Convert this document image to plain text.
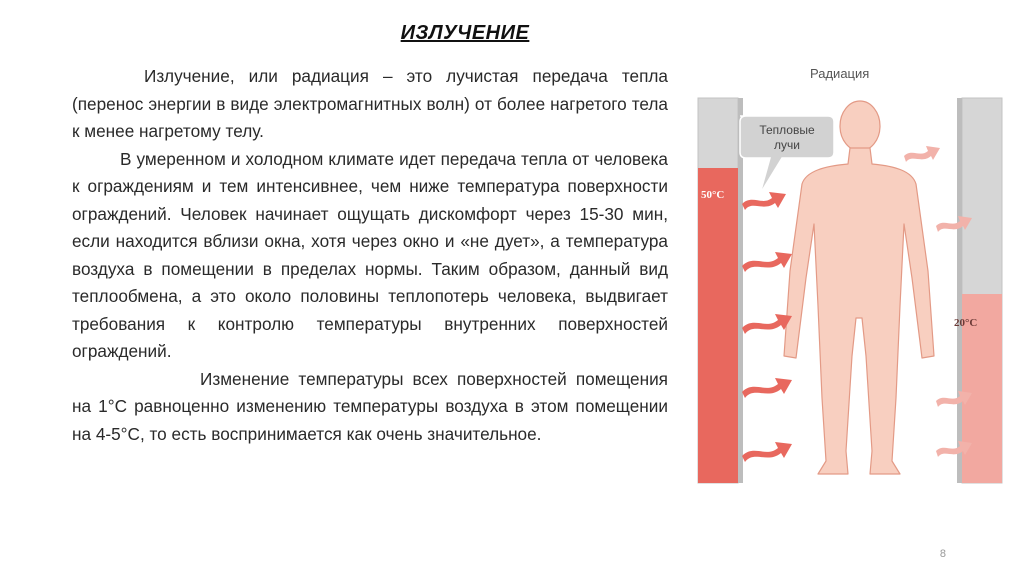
ИЗЛУЧЕНИЕ

Излучение, или радиация – это лучистая передача тепла (перенос энергии в виде электромагнитных волн) от более нагретого тела к менее нагретому телу.

В умеренном и холодном климате идет передача тепла от человека к ограждениям и тем интенсивнее, чем ниже температура поверхности ограждений. Человек начинает ощущать дискомфорт через 15-30 мин, если находится вблизи окна, хотя через окно и «не дует», а температура воздуха в помещении в пределах нормы. Таким образом, данный вид теплообмена, а это около половины теплопотерь человека, выдвигает требования к контролю температуры внутренних поверхностей ограждений.

Изменение температуры всех поверхностей помещения на 1°С равноценно изменению температуры воздуха в этом помещении на 4-5°С, то есть воспринимается как очень значительное.

Радиация
50°C
20°C
Тепловые
лучи
8
